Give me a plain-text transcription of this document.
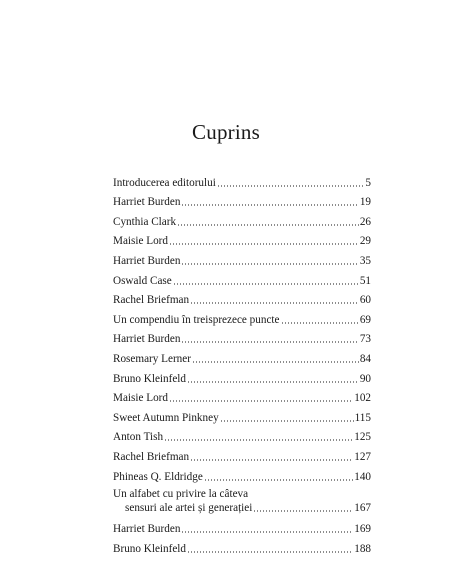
Cuprins
Introducerea editorului	5
Harriet Burden	19
Cynthia Clark	26
Maisie Lord	29
Harriet Burden	35
Oswald Case	51
Rachel Briefman	60
Un compendiu în treisprezece puncte	69
Harriet Burden	73
Rosemary Lerner	84
Bruno Kleinfeld	90
Maisie Lord	102
Sweet Autumn Pinkney	115
Anton Tish	125
Rachel Briefman	127
Phineas Q. Eldridge	140
Un alfabet cu privire la câteva
sensuri ale artei și generației	167
Harriet Burden	169
Bruno Kleinfeld	188
